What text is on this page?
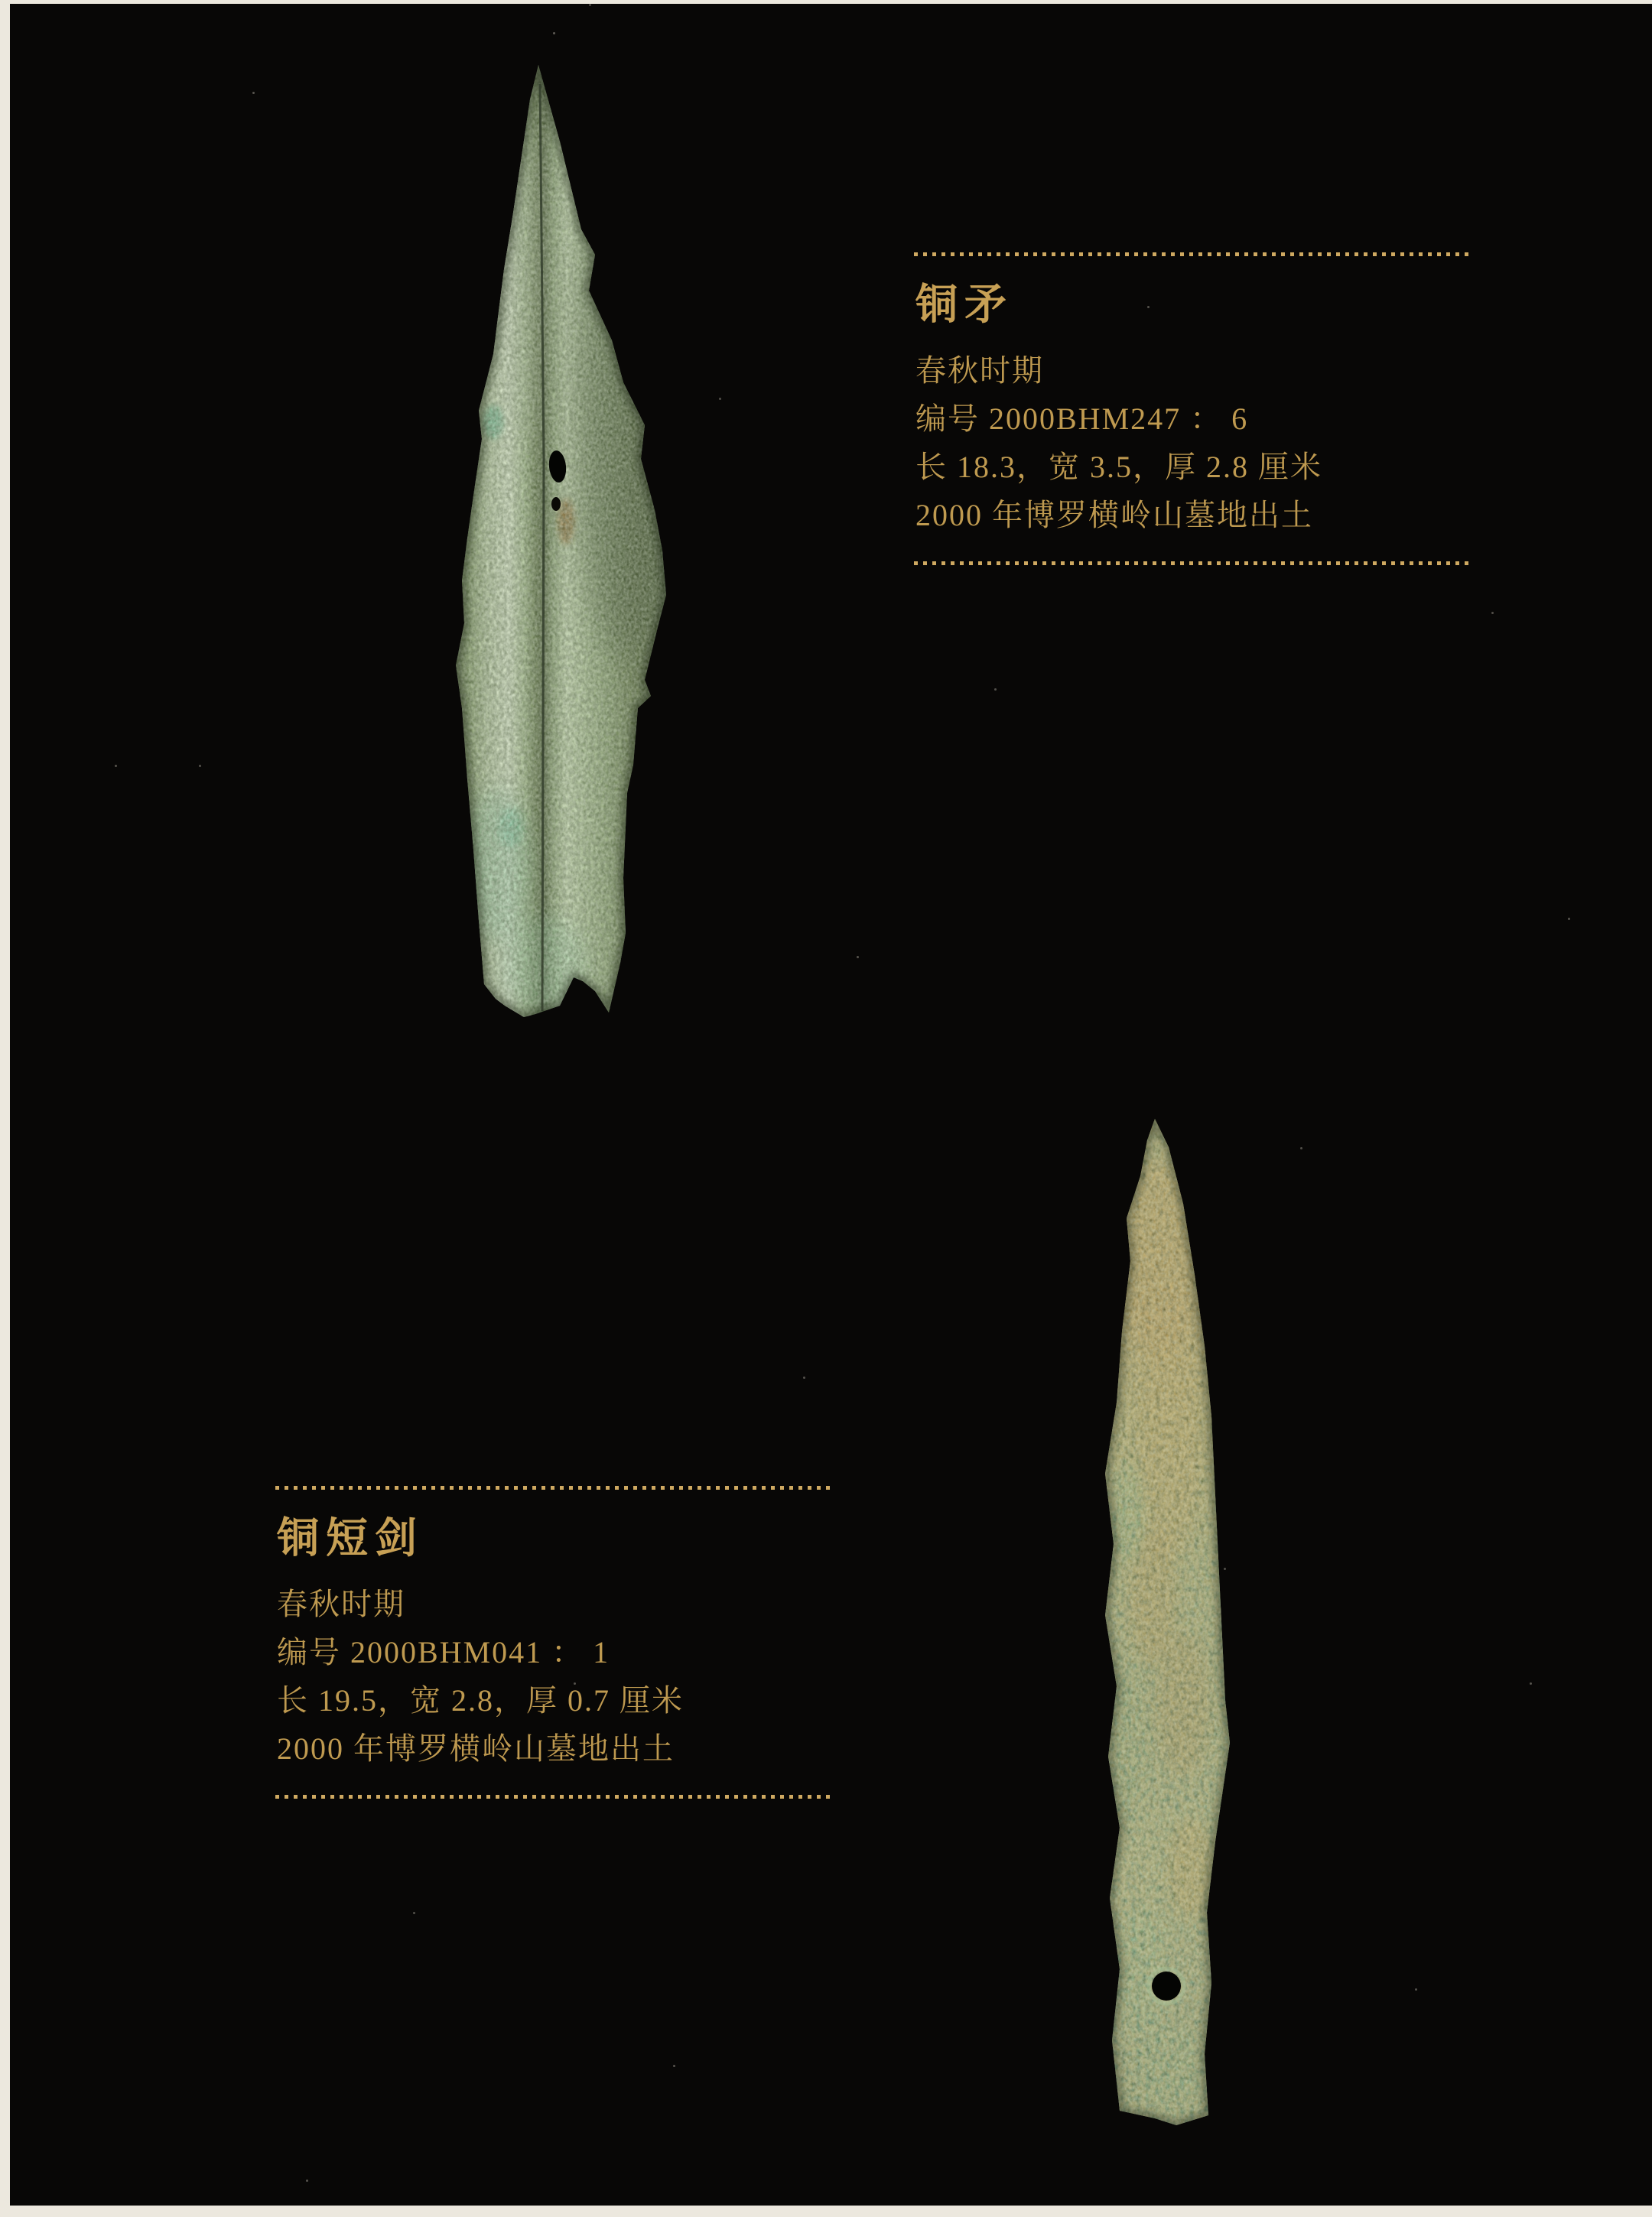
铜矛

春秋时期

编号 2000BHM247 ： 6

长 18.3，宽 3.5，厚 2.8 厘米

2000 年博罗横岭山墓地出土

铜短剑

春秋时期

编号 2000BHM041 ： 1

长 19.5，宽 2.8，厚 0.7 厘米

2000 年博罗横岭山墓地出土
